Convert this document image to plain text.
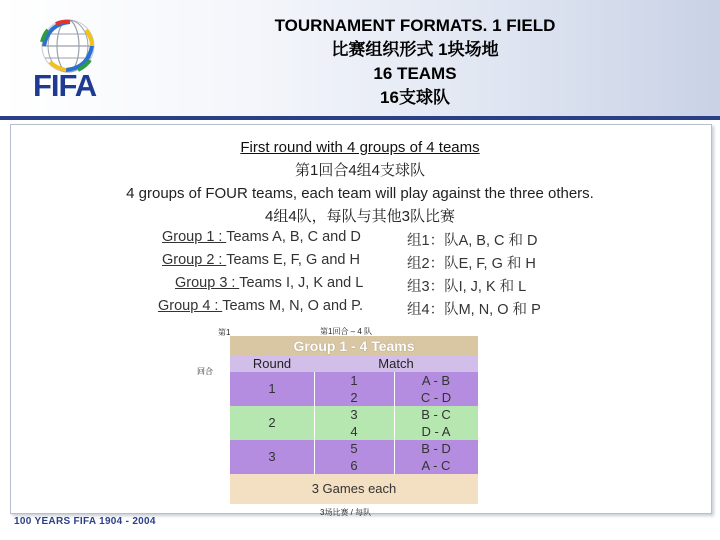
FIFA
TOURNAMENT FORMATS. 1 FIELD
比赛组织形式 1块场地
16 TEAMS
16支球队
First round with 4 groups of 4 teams
第1回合4组4支球队
4 groups of FOUR teams, each team will play against the three others.
4组4队，每队与其他3队比赛
Group 1 : Teams A, B, C and D
Group 2 : Teams E, F, G and H
Group 3 : Teams I, J, K and L
Group 4 : Teams M, N, O and P.
组1：队A, B, C 和 D
组2：队E, F, G 和 H
组3：队I, J, K 和 L
组4：队M, N, O 和 P
第1	第1回合 – 4 队
回合
Group 1 - 4 Teams
Round	Match
1
1	A - B
2	C - D
2
3	B - C
4	D - A
3
5	B - D
6	A - C
3 Games each
3场比赛 / 每队
100 YEARS FIFA 1904 - 2004
